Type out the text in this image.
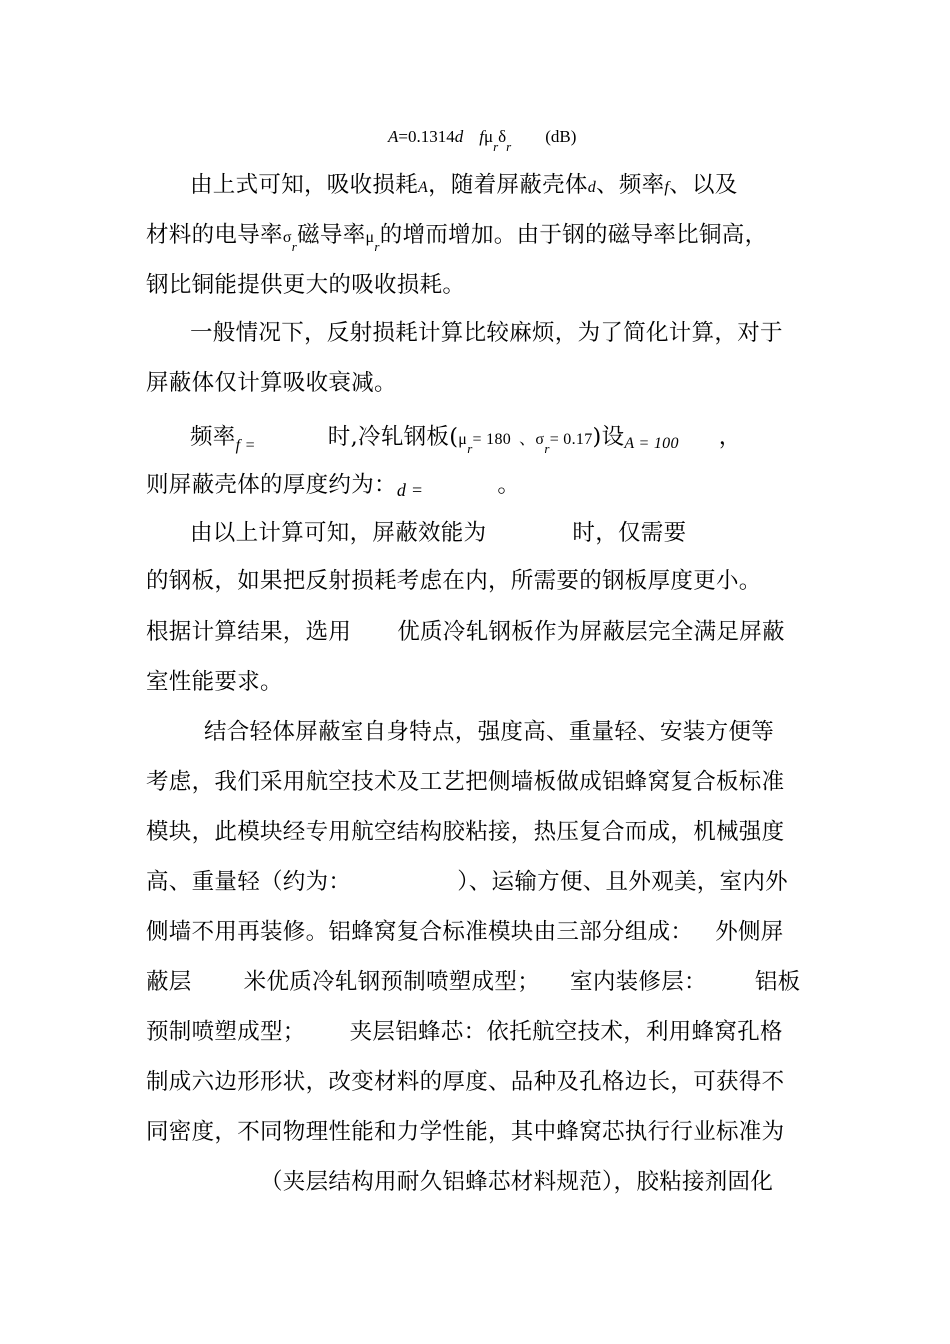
A=0.1314d $f\mu_r\delta_r(dB)$
由上式可知，吸收损耗A，随着屏蔽壳体d、频率f、以及
材料的电导率$\sigma_r$磁导率$\mu_r$的增而增加。由于钢的磁导率比铜高，
钢比铜能提供更大的吸收损耗。
一般情况下，反射损耗计算比较麻烦，为了简化计算，对于
屏蔽体仅计算吸收衰减。
频率$_{f =}$	时,冷轧钢板($\mu_r= 180$ 、$\sigma_r= 0.17$)设A = 100 ，
则屏蔽壳体的厚度约为：d =	。
由以上计算可知，屏蔽效能为	时，仅需要
的钢板，如果把反射损耗考虑在内，所需要的钢板厚度更小。
根据计算结果，选用 优质冷轧钢板作为屏蔽层完全满足屏蔽
室性能要求。
结合轻体屏蔽室自身特点，强度高、重量轻、安装方便等
考虑，我们采用航空技术及工艺把侧墙板做成铝蜂窝复合板标准
模块，此模块经专用航空结构胶粘接，热压复合而成，机械强度
高、重量轻（约为：	）、运输方便、且外观美，室内外
侧墙不用再装修。铝蜂窝复合标准模块由三部分组成： 外侧屏
蔽层 米优质冷轧钢预制喷塑成型； 室内装修层： 铝板
预制喷塑成型； 夹层铝蜂芯：依托航空技术，利用蜂窝孔格
制成六边形形状，改变材料的厚度、品种及孔格边长，可获得不
同密度，不同物理性能和力学性能，其中蜂窝芯执行行业标准为
（夹层结构用耐久铝蜂芯材料规范），胶粘接剂固化
